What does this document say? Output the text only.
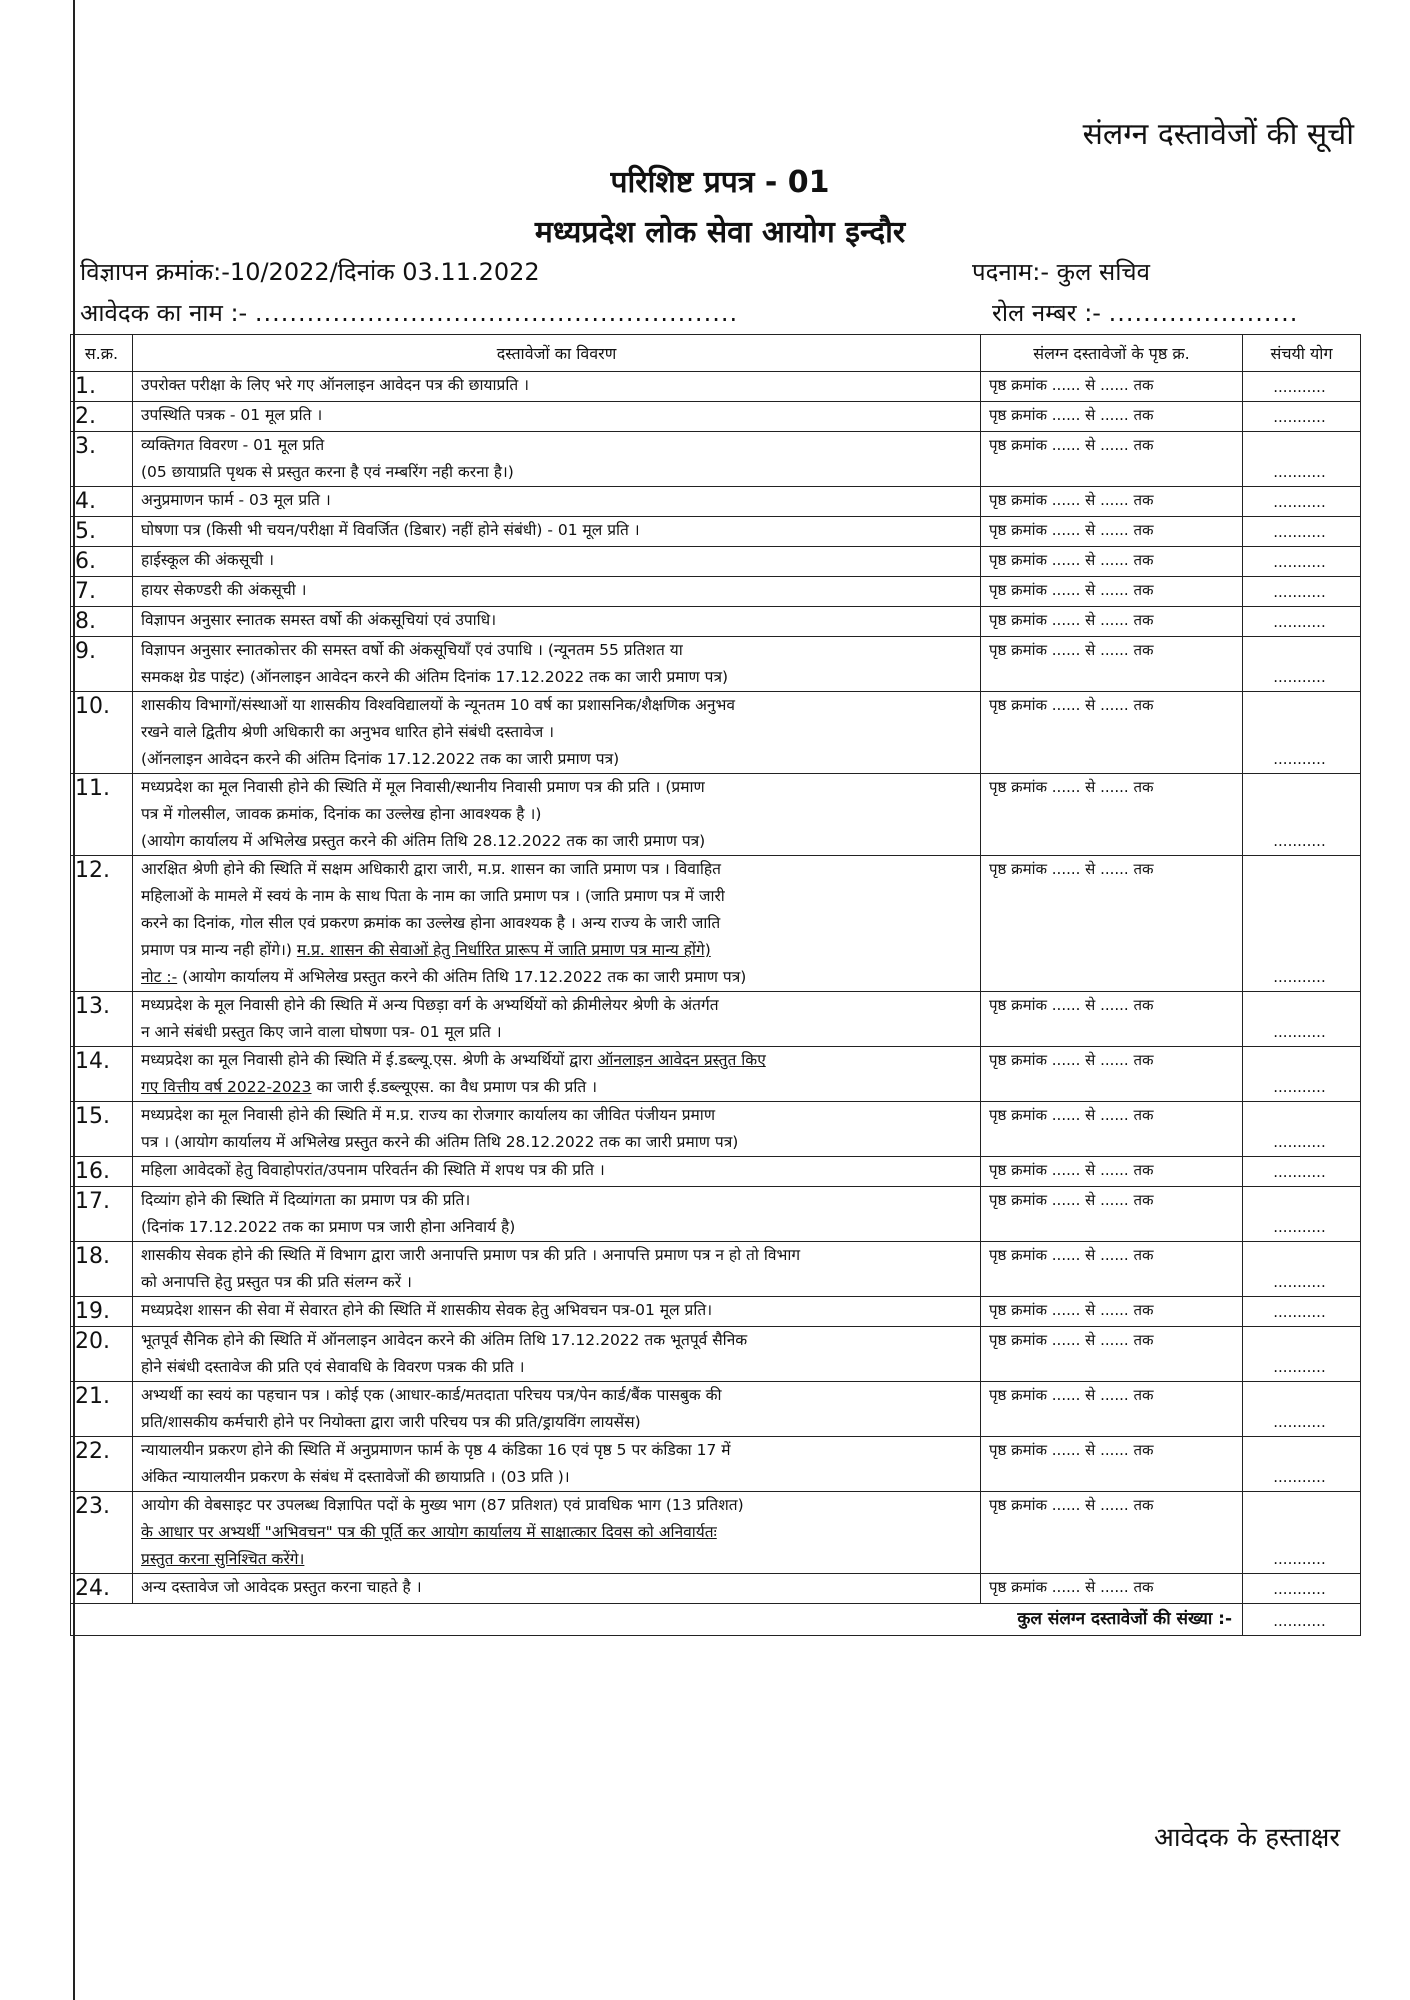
संलग्न दस्तावेजों की सूची
परिशिष्ट प्रपत्र - 01
मध्यप्रदेश लोक सेवा आयोग इन्दौर
विज्ञापन क्रमांक:-10/2022/दिनांक 03.11.2022	पदनाम:- कुल सचिव
आवेदक का नाम :- ........................................................	रोल नम्बर :- ......................
स.क्र.	दस्तावेजों का विवरण	संलग्न दस्तावेजों के पृष्ठ क्र.	संचयी योग
1.	उपरोक्त परीक्षा के लिए भरे गए ऑनलाइन आवेदन पत्र की छायाप्रति ।	पृष्ठ क्रमांक ...... से ...... तक	...........
2.	उपस्थिति पत्रक - 01 मूल प्रति ।	पृष्ठ क्रमांक ...... से ...... तक	...........
3.	व्यक्तिगत विवरण - 01 मूल प्रति
(05 छायाप्रति पृथक से प्रस्तुत करना है एवं नम्बरिंग नही करना है।)	पृष्ठ क्रमांक ...... से ...... तक	...........
4.	अनुप्रमाणन फार्म - 03 मूल प्रति ।	पृष्ठ क्रमांक ...... से ...... तक	...........
5.	घोषणा पत्र (किसी भी चयन/परीक्षा में विवर्जित (डिबार) नहीं होने संबंधी) - 01 मूल प्रति ।	पृष्ठ क्रमांक ...... से ...... तक	...........
6.	हाईस्कूल की अंकसूची ।	पृष्ठ क्रमांक ...... से ...... तक	...........
7.	हायर सेकण्डरी की अंकसूची ।	पृष्ठ क्रमांक ...... से ...... तक	...........
8.	विज्ञापन अनुसार स्नातक समस्त वर्षो की अंकसूचियां एवं उपाधि।	पृष्ठ क्रमांक ...... से ...... तक	...........
9.	विज्ञापन अनुसार स्नातकोत्तर की समस्त वर्षो की अंकसूचियाँ एवं उपाधि । (न्यूनतम 55 प्रतिशत या
समकक्ष ग्रेड पाइंट) (ऑनलाइन आवेदन करने की अंतिम दिनांक 17.12.2022 तक का जारी प्रमाण पत्र)	पृष्ठ क्रमांक ...... से ...... तक	...........
10.	शासकीय विभागों/संस्थाओं या शासकीय विश्वविद्यालयों के न्यूनतम 10 वर्ष का प्रशासनिक/शैक्षणिक अनुभव
रखने वाले द्वितीय श्रेणी अधिकारी का अनुभव धारित होने संबंधी दस्तावेज ।
(ऑनलाइन आवेदन करने की अंतिम दिनांक 17.12.2022 तक का जारी प्रमाण पत्र)	पृष्ठ क्रमांक ...... से ...... तक	...........
11.	मध्यप्रदेश का मूल निवासी होने की स्थिति में मूल निवासी/स्थानीय निवासी प्रमाण पत्र की प्रति । (प्रमाण
पत्र में गोलसील, जावक क्रमांक, दिनांक का उल्लेख होना आवश्यक है ।)
(आयोग कार्यालय में अभिलेख प्रस्तुत करने की अंतिम तिथि 28.12.2022 तक का जारी प्रमाण पत्र)	पृष्ठ क्रमांक ...... से ...... तक	...........
12.	आरक्षित श्रेणी होने की स्थिति में सक्षम अधिकारी द्वारा जारी, म.प्र. शासन का जाति प्रमाण पत्र । विवाहित
महिलाओं के मामले में स्वयं के नाम के साथ पिता के नाम का जाति प्रमाण पत्र । (जाति प्रमाण पत्र में जारी
करने का दिनांक, गोल सील एवं प्रकरण क्रमांक का उल्लेख होना आवश्यक है । अन्य राज्य के जारी जाति
प्रमाण पत्र मान्य नही होंगे।) म.प्र. शासन की सेवाओं हेतु निर्धारित प्रारूप में जाति प्रमाण पत्र मान्य होंगे)
नोट :- (आयोग कार्यालय में अभिलेख प्रस्तुत करने की अंतिम तिथि 17.12.2022 तक का जारी प्रमाण पत्र)	पृष्ठ क्रमांक ...... से ...... तक	...........
13.	मध्यप्रदेश के मूल निवासी होने की स्थिति में अन्य पिछड़ा वर्ग के अभ्यर्थियों को क्रीमीलेयर श्रेणी के अंतर्गत
न आने संबंधी प्रस्तुत किए जाने वाला घोषणा पत्र- 01 मूल प्रति ।	पृष्ठ क्रमांक ...... से ...... तक	...........
14.	मध्यप्रदेश का मूल निवासी होने की स्थिति में ई.डब्ल्यू.एस. श्रेणी के अभ्यर्थियों द्वारा ऑनलाइन आवेदन प्रस्तुत किए
गए वित्तीय वर्ष 2022-2023 का जारी ई.डब्ल्यूएस. का वैध प्रमाण पत्र की प्रति ।	पृष्ठ क्रमांक ...... से ...... तक	...........
15.	मध्यप्रदेश का मूल निवासी होने की स्थिति में म.प्र. राज्य का रोजगार कार्यालय का जीवित पंजीयन प्रमाण
पत्र । (आयोग कार्यालय में अभिलेख प्रस्तुत करने की अंतिम तिथि 28.12.2022 तक का जारी प्रमाण पत्र)	पृष्ठ क्रमांक ...... से ...... तक	...........
16.	महिला आवेदकों हेतु विवाहोपरांत/उपनाम परिवर्तन की स्थिति में शपथ पत्र की प्रति ।	पृष्ठ क्रमांक ...... से ...... तक	...........
17.	दिव्यांग होने की स्थिति में दिव्यांगता का प्रमाण पत्र की प्रति।
(दिनांक 17.12.2022 तक का प्रमाण पत्र जारी होना अनिवार्य है)	पृष्ठ क्रमांक ...... से ...... तक	...........
18.	शासकीय सेवक होने की स्थिति में विभाग द्वारा जारी अनापत्ति प्रमाण पत्र की प्रति । अनापत्ति प्रमाण पत्र न हो तो विभाग
को अनापत्ति हेतु प्रस्तुत पत्र की प्रति संलग्न करें ।	पृष्ठ क्रमांक ...... से ...... तक	...........
19.	मध्यप्रदेश शासन की सेवा में सेवारत होने की स्थिति में शासकीय सेवक हेतु अभिवचन पत्र-01 मूल प्रति।	पृष्ठ क्रमांक ...... से ...... तक	...........
20.	भूतपूर्व सैनिक होने की स्थिति में ऑनलाइन आवेदन करने की अंतिम तिथि 17.12.2022 तक भूतपूर्व सैनिक
होने संबंधी दस्तावेज की प्रति एवं सेवावधि के विवरण पत्रक की प्रति ।	पृष्ठ क्रमांक ...... से ...... तक	...........
21.	अभ्यर्थी का स्वयं का पहचान पत्र । कोई एक (आधार-कार्ड/मतदाता परिचय पत्र/पेन कार्ड/बैंक पासबुक की
प्रति/शासकीय कर्मचारी होने पर नियोक्ता द्वारा जारी परिचय पत्र की प्रति/ड्रायविंग लायसेंस)	पृष्ठ क्रमांक ...... से ...... तक	...........
22.	न्यायालयीन प्रकरण होने की स्थिति में अनुप्रमाणन फार्म के पृष्ठ 4 कंडिका 16 एवं पृष्ठ 5 पर कंडिका 17 में
अंकित न्यायालयीन प्रकरण के संबंध में दस्तावेजों की छायाप्रति । (03 प्रति )।	पृष्ठ क्रमांक ...... से ...... तक	...........
23.	आयोग की वेबसाइट पर उपलब्ध विज्ञापित पदों के मुख्य भाग (87 प्रतिशत) एवं प्रावधिक भाग (13 प्रतिशत)
के आधार पर अभ्यर्थी "अभिवचन" पत्र की पूर्ति कर आयोग कार्यालय में साक्षात्कार दिवस को अनिवार्यतः
प्रस्तुत करना सुनिश्चित करेंगे।	पृष्ठ क्रमांक ...... से ...... तक	...........
24.	अन्य दस्तावेज जो आवेदक प्रस्तुत करना चाहते है ।	पृष्ठ क्रमांक ...... से ...... तक	...........
कुल संलग्न दस्तावेजों की संख्या :-			...........
आवेदक के हस्ताक्षर
